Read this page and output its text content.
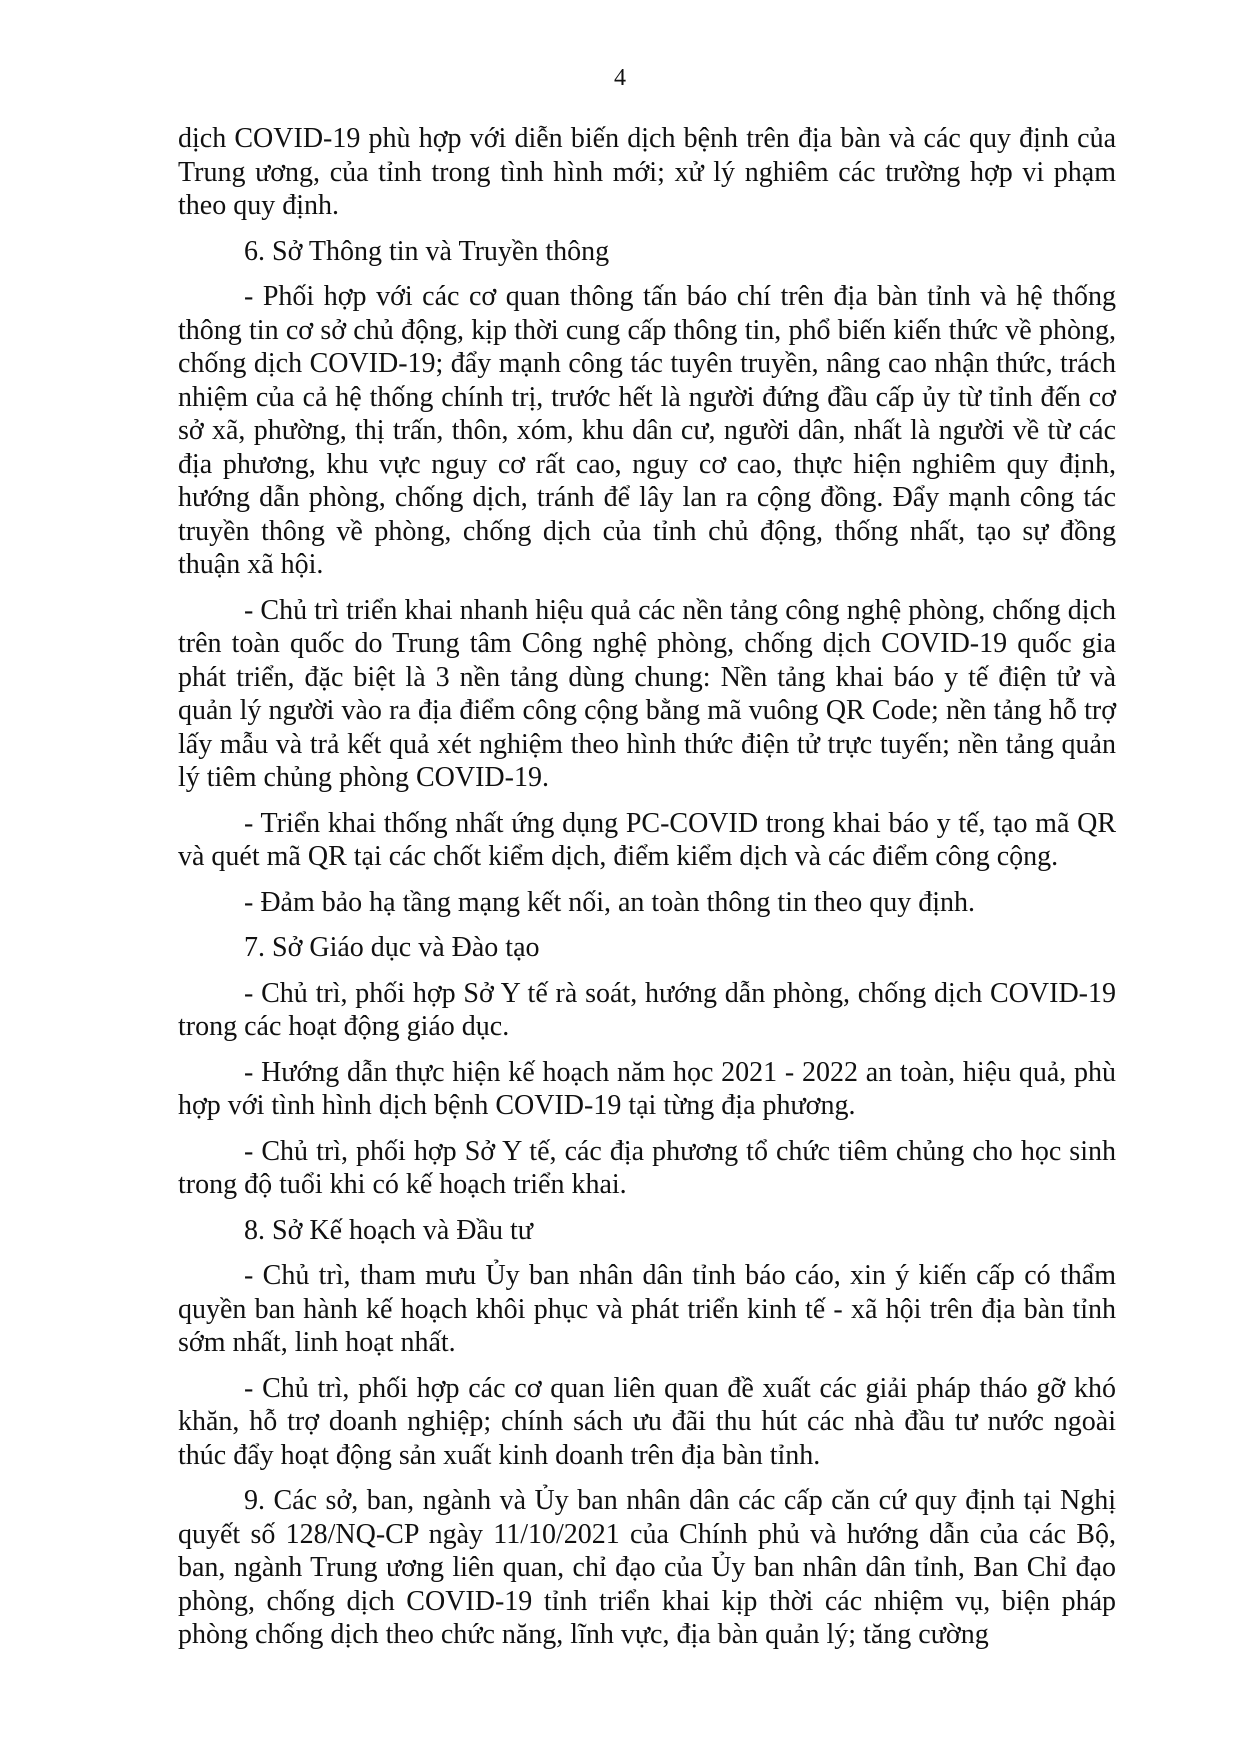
4

dịch COVID-19 phù hợp với diễn biến dịch bệnh trên địa bàn và các quy định của Trung ương, của tỉnh trong tình hình mới; xử lý nghiêm các trường hợp vi phạm theo quy định.

6. Sở Thông tin và Truyền thông

- Phối hợp với các cơ quan thông tấn báo chí trên địa bàn tỉnh và hệ thống thông tin cơ sở chủ động, kịp thời cung cấp thông tin, phổ biến kiến thức về phòng, chống dịch COVID-19; đẩy mạnh công tác tuyên truyền, nâng cao nhận thức, trách nhiệm của cả hệ thống chính trị, trước hết là người đứng đầu cấp ủy từ tỉnh đến cơ sở xã, phường, thị trấn, thôn, xóm, khu dân cư, người dân, nhất là người về từ các địa phương, khu vực nguy cơ rất cao, nguy cơ cao, thực hiện nghiêm quy định, hướng dẫn phòng, chống dịch, tránh để lây lan ra cộng đồng. Đẩy mạnh công tác truyền thông về phòng, chống dịch của tỉnh chủ động, thống nhất, tạo sự đồng thuận xã hội.

- Chủ trì triển khai nhanh hiệu quả các nền tảng công nghệ phòng, chống dịch trên toàn quốc do Trung tâm Công nghệ phòng, chống dịch COVID-19 quốc gia phát triển, đặc biệt là 3 nền tảng dùng chung: Nền tảng khai báo y tế điện tử và quản lý người vào ra địa điểm công cộng bằng mã vuông QR Code; nền tảng hỗ trợ lấy mẫu và trả kết quả xét nghiệm theo hình thức điện tử trực tuyến; nền tảng quản lý tiêm chủng phòng COVID-19.

- Triển khai thống nhất ứng dụng PC-COVID trong khai báo y tế, tạo mã QR và quét mã QR tại các chốt kiểm dịch, điểm kiểm dịch và các điểm công cộng.

- Đảm bảo hạ tầng mạng kết nối, an toàn thông tin theo quy định.

7. Sở Giáo dục và Đào tạo

- Chủ trì, phối hợp Sở Y tế rà soát, hướng dẫn phòng, chống dịch COVID-19 trong các hoạt động giáo dục.

- Hướng dẫn thực hiện kế hoạch năm học 2021 - 2022 an toàn, hiệu quả, phù hợp với tình hình dịch bệnh COVID-19 tại từng địa phương.

- Chủ trì, phối hợp Sở Y tế, các địa phương tổ chức tiêm chủng cho học sinh trong độ tuổi khi có kế hoạch triển khai.

8. Sở Kế hoạch và Đầu tư

- Chủ trì, tham mưu Ủy ban nhân dân tỉnh báo cáo, xin ý kiến cấp có thẩm quyền ban hành kế hoạch khôi phục và phát triển kinh tế - xã hội trên địa bàn tỉnh sớm nhất, linh hoạt nhất.

- Chủ trì, phối hợp các cơ quan liên quan đề xuất các giải pháp tháo gỡ khó khăn, hỗ trợ doanh nghiệp; chính sách ưu đãi thu hút các nhà đầu tư nước ngoài thúc đẩy hoạt động sản xuất kinh doanh trên địa bàn tỉnh.

9. Các sở, ban, ngành và Ủy ban nhân dân các cấp căn cứ quy định tại Nghị quyết số 128/NQ-CP ngày 11/10/2021 của Chính phủ và hướng dẫn của các Bộ, ban, ngành Trung ương liên quan, chỉ đạo của Ủy ban nhân dân tỉnh, Ban Chỉ đạo phòng, chống dịch COVID-19 tỉnh triển khai kịp thời các nhiệm vụ, biện pháp phòng chống dịch theo chức năng, lĩnh vực, địa bàn quản lý; tăng cường
